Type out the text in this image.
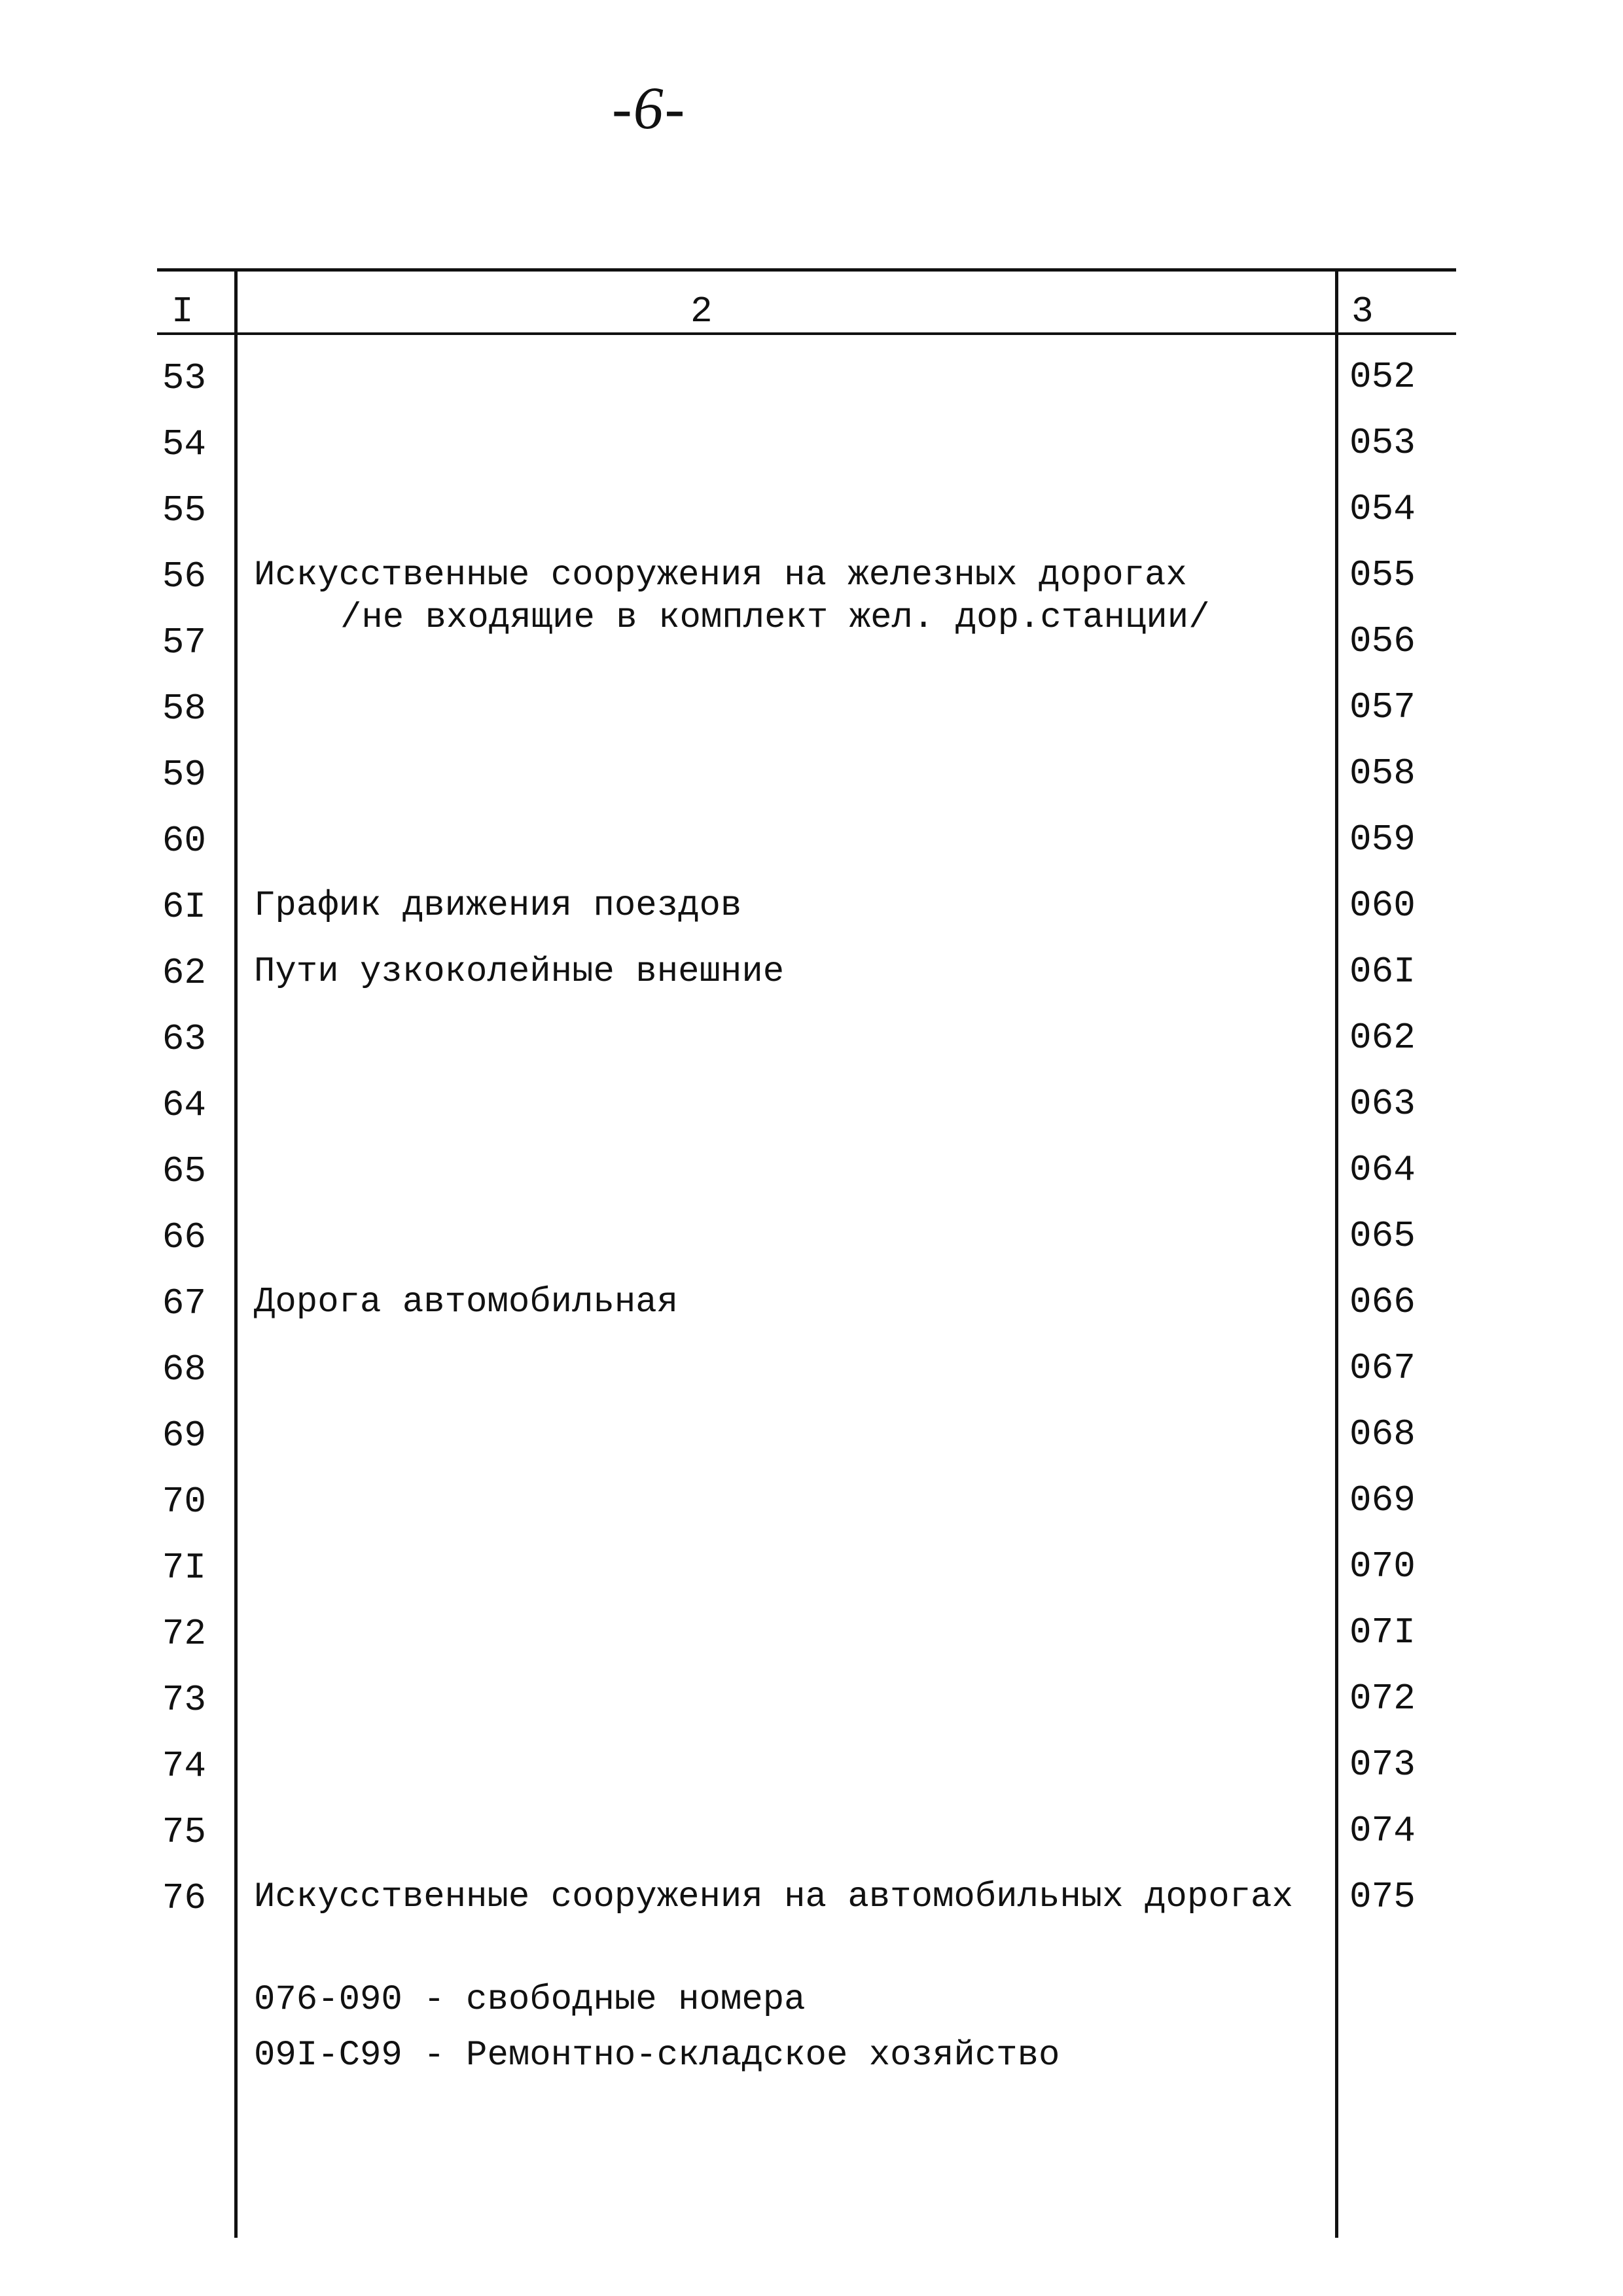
-6-
I	2	3
53	052
54	053
55	054
56 Искусственные сооружения на железных дорогах	055
/не входящие в комплект жел. дор.станции/
57	056
58	057
59	058
60	059
6I График движения поездов	060
62 Пути узкоколейные внешние	06I
63	062
64	063
65	064
66	065
67 Дорога автомобильная	066
68	067
69	068
70	069
7I	070
72	07I
73	072
74	073
75	074
76 Искусственные сооружения на автомобильных дорогах 075
076-090 - свободные номера
09I-С99 - Ремонтно-складское хозяйство
